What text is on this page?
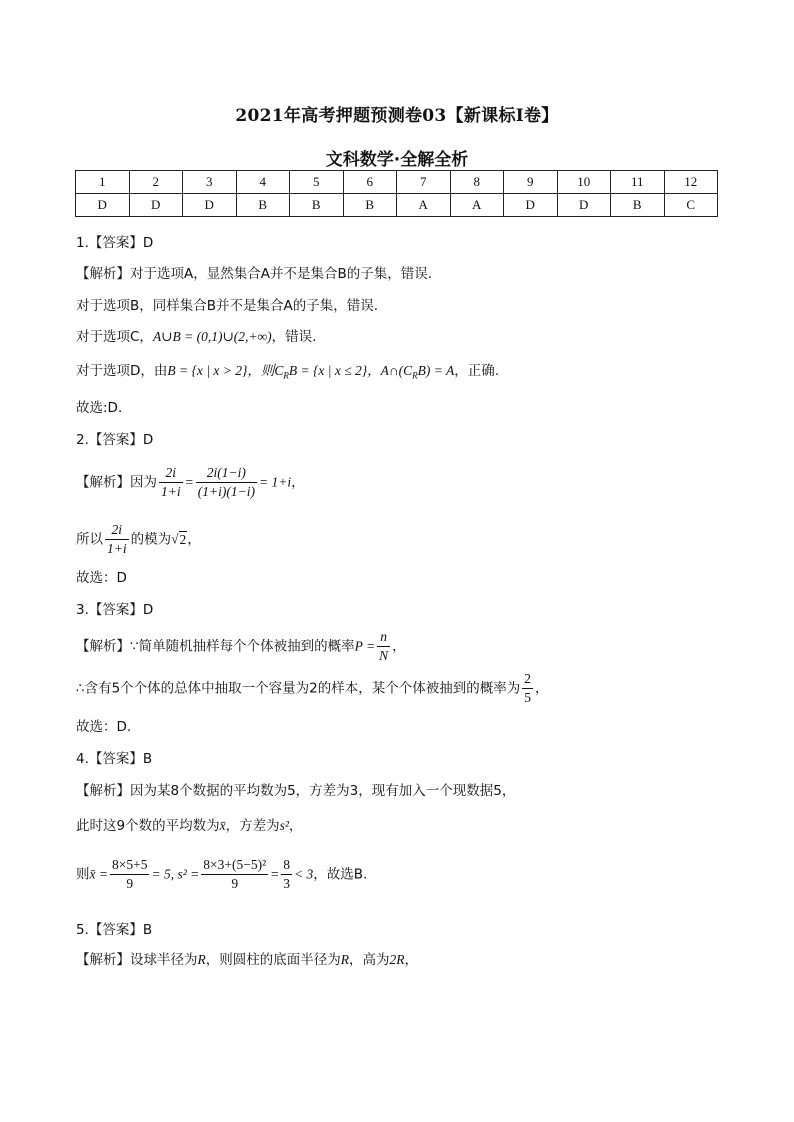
2021年高考押题预测卷03【新课标Ⅰ卷】
文科数学·全解全析
1	2	3	4	5	6	7	8	9	10	11	12
D	D	D	B	B	B	A	A	D	D	B	C
1.【答案】D
【解析】对于选项A，显然集合A并不是集合B的子集，错误.
对于选项B，同样集合B并不是集合A的子集，错误.
对于选项C，A∪B = (0,1)∪(2,+∞)，错误.
对于选项D，由B = {x | x > 2}，则$C_RB = \{x$ | x ≤ 2}，$A\cap(C_RB) = A$，正确.
故选:D.
2.【答案】D
【解析】因为 $\frac{2i}{1+i} = \frac{2i(1-i)}{(1+i)(1-i)} = 1+i$，
所以 $\frac{2i}{1+i}$ 的模为√2，
故选：D
3.【答案】D
【解析】∵简单随机抽样每个个体被抽到的概率$P = \frac{n}{N}$ ，
∴含有5个个体的总体中抽取一个容量为2的样本，某个个体被抽到的概率为 $\frac{2}{5}$ ，
故选：D.
4.【答案】B
【解析】因为某8个数据的平均数为5，方差为3，现有加入一个现数据5，
此时这9个数的平均数为x̄，方差为s²，
则x̄ = $\frac{8\times 5+5}{9} = 5$, $s^2 = \frac{\text{8×3+(5−5)²}}{9} = \frac{8}{3} < 3$，故选B.
5.【答案】B
【解析】设球半径为R，则圆柱的底面半径为R，高为2R，
